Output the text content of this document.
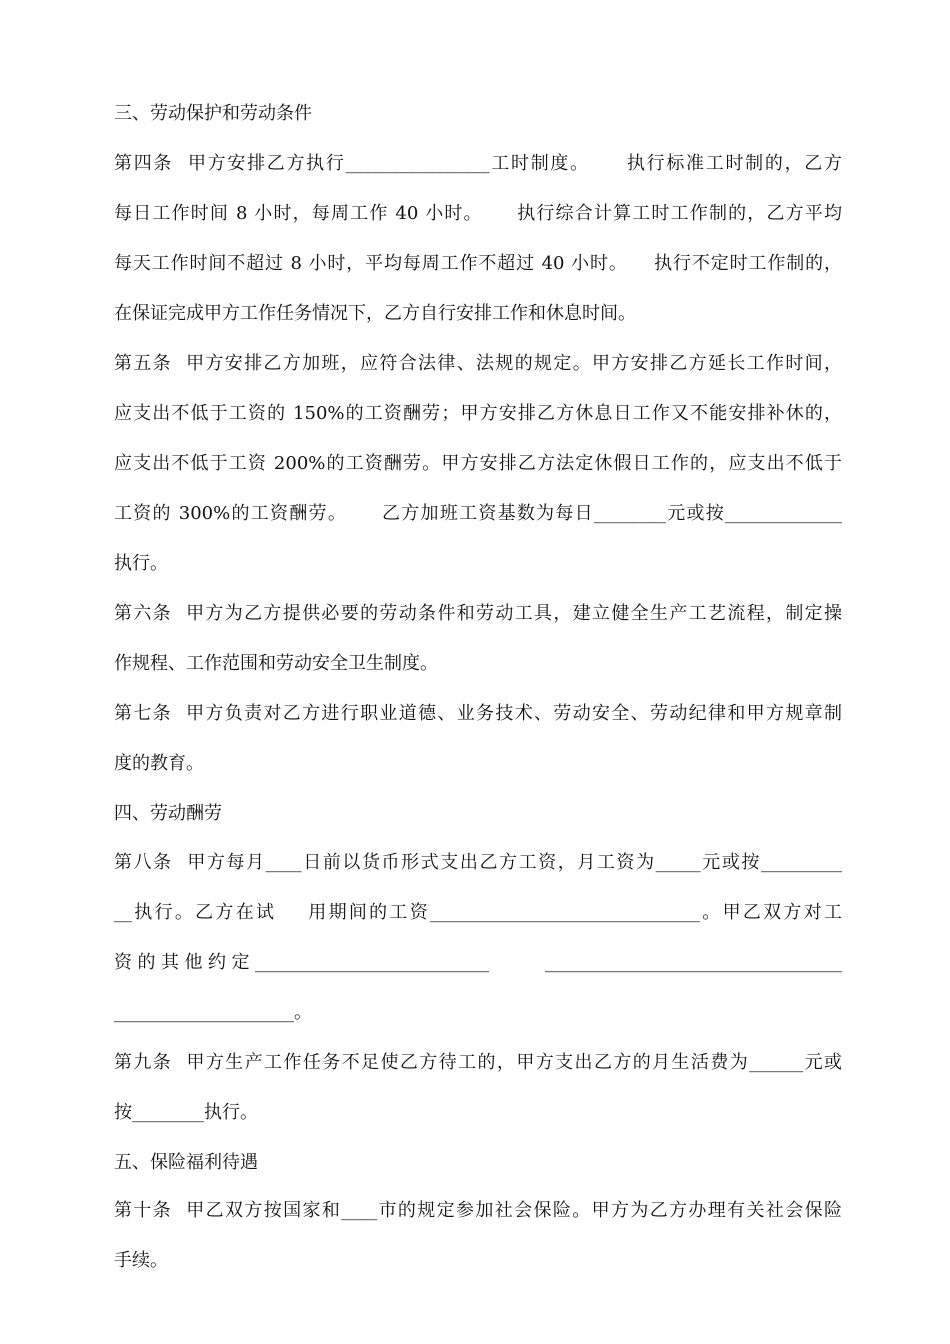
三、劳动保护和劳动条件

第四条  甲方安排乙方执行________________工时制度。     执行标准工时制的，乙方

每日工作时间 8 小时，每周工作 40 小时。     执行综合计算工时工作制的，乙方平均

每天工作时间不超过 8 小时，平均每周工作不超过 40 小时。    执行不定时工作制的，

在保证完成甲方工作任务情况下，乙方自行安排工作和休息时间。

第五条  甲方安排乙方加班，应符合法律、法规的规定。甲方安排乙方延长工作时间，

应支出不低于工资的 150%的工资酬劳；甲方安排乙方休息日工作又不能安排补休的，

应支出不低于工资 200%的工资酬劳。甲方安排乙方法定休假日工作的，应支出不低于

工资的 300%的工资酬劳。     乙方加班工资基数为每日________元或按_____________

执行。

第六条  甲方为乙方提供必要的劳动条件和劳动工具，建立健全生产工艺流程，制定操

作规程、工作范围和劳动安全卫生制度。

第七条  甲方负责对乙方进行职业道德、业务技术、劳动安全、劳动纪律和甲方规章制

度的教育。

四、劳动酬劳

第八条  甲方每月____日前以货币形式支出乙方工资，月工资为_____元或按_________

__执行。乙方在试    用期间的工资______________________________。甲乙双方对工

资的其他约定__________________________     _________________________________

____________________。

第九条  甲方生产工作任务不足使乙方待工的，甲方支出乙方的月生活费为______元或

按________执行。

五、保险福利待遇

第十条  甲乙双方按国家和____市的规定参加社会保险。甲方为乙方办理有关社会保险

手续。
